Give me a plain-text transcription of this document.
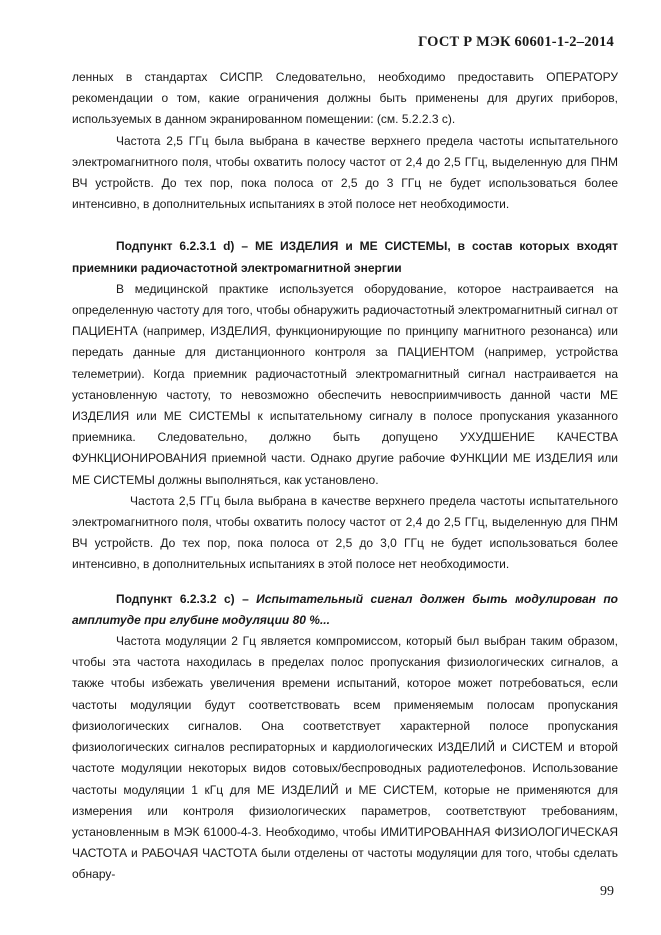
ГОСТ Р МЭК 60601-1-2–2014

ленных в стандартах СИСПР. Следовательно, необходимо предоставить ОПЕРАТОРУ рекомендации о том, какие ограничения должны быть применены для других приборов, используемых в данном экранированном помещении: (см. 5.2.2.3 с).

Частота 2,5 ГГц была выбрана в качестве верхнего предела частоты испытательного электромагнитного поля, чтобы охватить полосу частот от 2,4 до 2,5 ГГц, выделенную для ПНМ ВЧ устройств. До тех пор, пока полоса от 2,5 до 3 ГГц не будет использоваться более интенсивно, в дополнительных испытаниях в этой полосе нет необходимости.

Подпункт 6.2.3.1 d) – МЕ ИЗДЕЛИЯ и МЕ СИСТЕМЫ, в состав которых входят приемники радиочастотной электромагнитной энергии

В медицинской практике используется оборудование, которое настраивается на определенную частоту для того, чтобы обнаружить радиочастотный электромагнитный сигнал от ПАЦИЕНТА (например, ИЗДЕЛИЯ, функционирующие по принципу магнитного резонанса) или передать данные для дистанционного контроля за ПАЦИЕНТОМ (например, устройства телеметрии). Когда приемник радиочастотный электромагнитный сигнал настраивается на установленную частоту, то невозможно обеспечить невосприимчивость данной части МЕ ИЗДЕЛИЯ или МЕ СИСТЕМЫ к испытательному сигналу в полосе пропускания указанного приемника. Следовательно, должно быть допущено УХУДШЕНИЕ КАЧЕСТВА ФУНКЦИОНИРОВАНИЯ приемной части. Однако другие рабочие ФУНКЦИИ МЕ ИЗДЕЛИЯ или МЕ СИСТЕМЫ должны выполняться, как установлено.

Частота 2,5 ГГц была выбрана в качестве верхнего предела частоты испытательного электромагнитного поля, чтобы охватить полосу частот от 2,4 до 2,5 ГГц, выделенную для ПНМ ВЧ устройств. До тех пор, пока полоса от 2,5 до 3,0 ГГц не будет использоваться более интенсивно, в дополнительных испытаниях в этой полосе нет необходимости.

Подпункт 6.2.3.2 с) – Испытательный сигнал должен быть модулирован по амплитуде при глубине модуляции 80 %...

Частота модуляции 2 Гц является компромиссом, который был выбран таким образом, чтобы эта частота находилась в пределах полос пропускания физиологических сигналов, а также чтобы избежать увеличения времени испытаний, которое может потребоваться, если частоты модуляции будут соответствовать всем применяемым полосам пропускания физиологических сигналов. Она соответствует характерной полосе пропускания физиологических сигналов респираторных и кардиологических ИЗДЕЛИЙ и СИСТЕМ и второй частоте модуляции некоторых видов сотовых/беспроводных радиотелефонов. Использование частоты модуляции 1 кГц для МЕ ИЗДЕЛИЙ и МЕ СИСТЕМ, которые не применяются для измерения или контроля физиологических параметров, соответствуют требованиям, установленным в МЭК 61000-4-3. Необходимо, чтобы ИМИТИРОВАННАЯ ФИЗИОЛОГИЧЕСКАЯ ЧАСТОТА и РАБОЧАЯ ЧАСТОТА были отделены от частоты модуляции для того, чтобы сделать обнару-

99
